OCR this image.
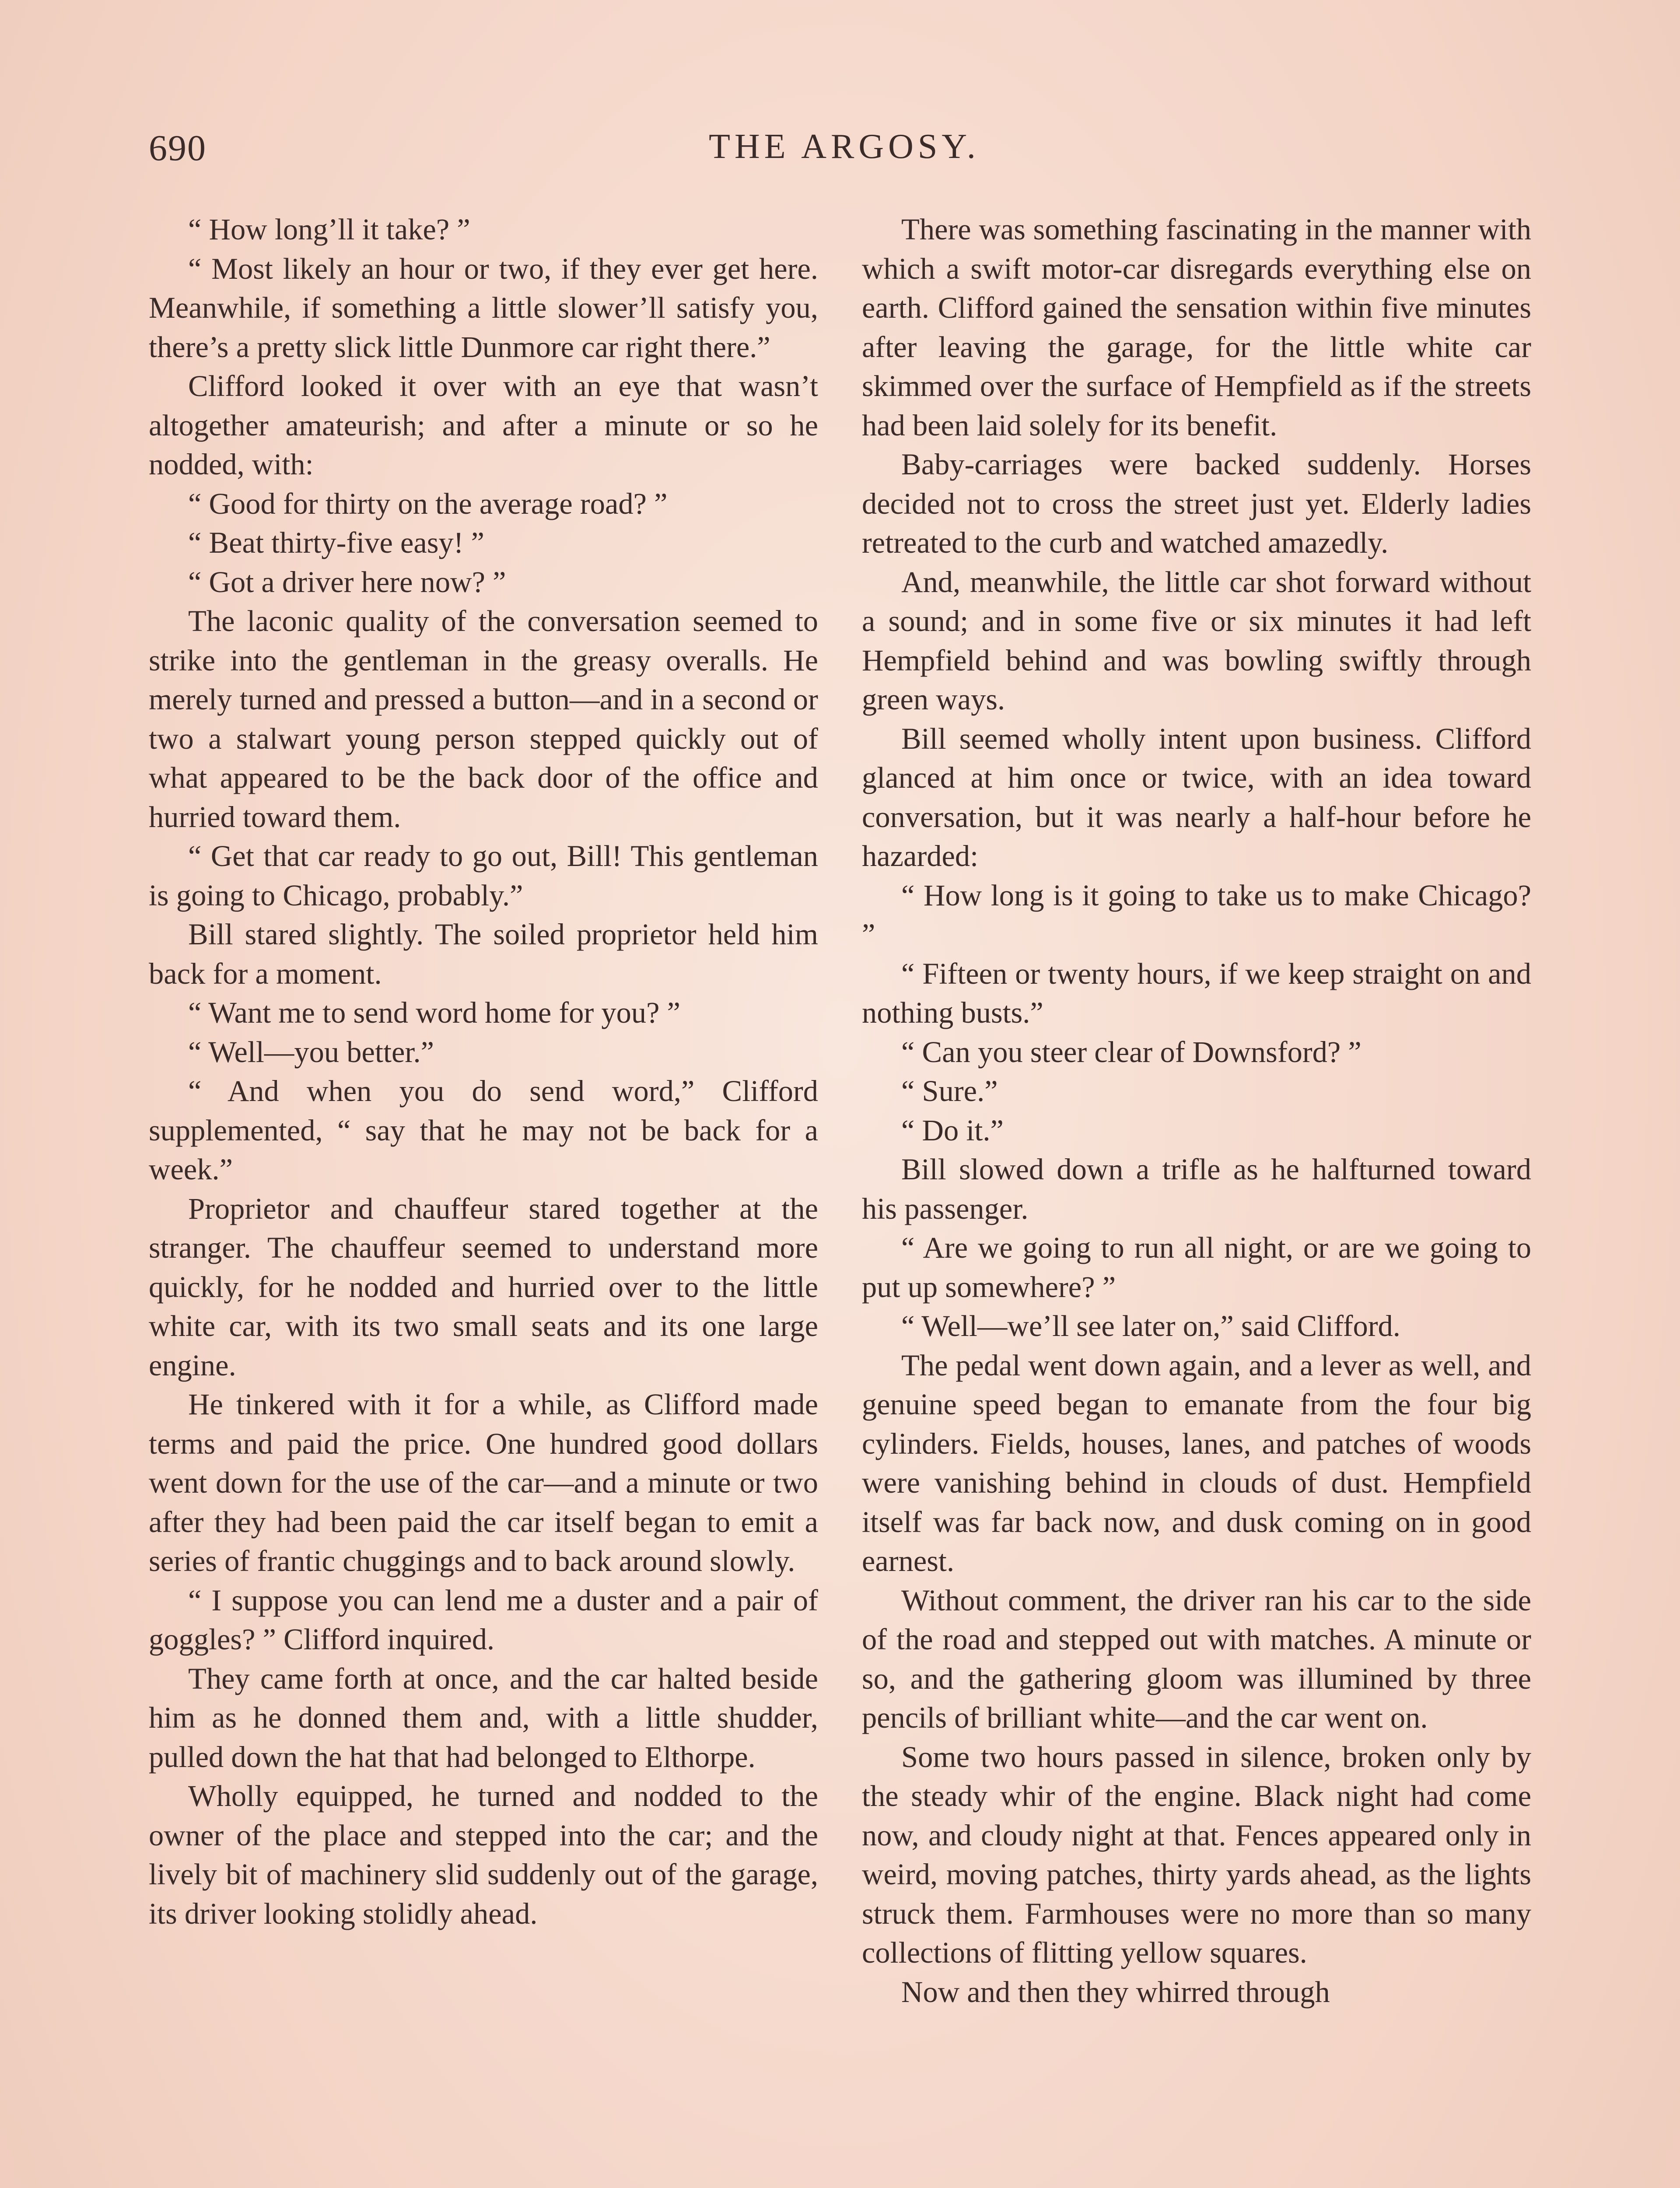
690	THE ARGOSY.

“ How long’ll it take? ”

“ Most likely an hour or two, if they ever get here. Meanwhile, if something a little slower’ll satisfy you, there’s a pretty slick little Dunmore car right there.”

Clifford looked it over with an eye that wasn’t altogether amateurish; and after a minute or so he nodded, with:

“ Good for thirty on the average road? ”

“ Beat thirty-five easy! ”

“ Got a driver here now? ”

The laconic quality of the conversation seemed to strike into the gentleman in the greasy overalls. He merely turned and pressed a button—and in a second or two a stalwart young person stepped quickly out of what appeared to be the back door of the office and hurried toward them.

“ Get that car ready to go out, Bill! This gentleman is going to Chicago, probably.”

Bill stared slightly. The soiled proprietor held him back for a moment.

“ Want me to send word home for you? ”

“ Well—you better.”

“ And when you do send word,” Clifford supplemented, “ say that he may not be back for a week.”

Proprietor and chauffeur stared together at the stranger. The chauffeur seemed to understand more quickly, for he nodded and hurried over to the little white car, with its two small seats and its one large engine.

He tinkered with it for a while, as Clifford made terms and paid the price. One hundred good dollars went down for the use of the car—and a minute or two after they had been paid the car itself began to emit a series of frantic chuggings and to back around slowly.

“ I suppose you can lend me a duster and a pair of goggles? ” Clifford inquired.

They came forth at once, and the car halted beside him as he donned them and, with a little shudder, pulled down the hat that had belonged to Elthorpe.

Wholly equipped, he turned and nodded to the owner of the place and stepped into the car; and the lively bit of machinery slid suddenly out of the garage, its driver looking stolidly ahead.

There was something fascinating in the manner with which a swift motor-car disregards everything else on earth. Clifford gained the sensation within five minutes after leaving the garage, for the little white car skimmed over the surface of Hempfield as if the streets had been laid solely for its benefit.

Baby-carriages were backed suddenly. Horses decided not to cross the street just yet. Elderly ladies retreated to the curb and watched amazedly.

And, meanwhile, the little car shot forward without a sound; and in some five or six minutes it had left Hempfield behind and was bowling swiftly through green ways.

Bill seemed wholly intent upon business. Clifford glanced at him once or twice, with an idea toward conversation, but it was nearly a half-hour before he hazarded:

“ How long is it going to take us to make Chicago? ”

“ Fifteen or twenty hours, if we keep straight on and nothing busts.”

“ Can you steer clear of Downsford? ”

“ Sure.”

“ Do it.”

Bill slowed down a trifle as he halfturned toward his passenger.

“ Are we going to run all night, or are we going to put up somewhere? ”

“ Well—we’ll see later on,” said Clifford.

The pedal went down again, and a lever as well, and genuine speed began to emanate from the four big cylinders. Fields, houses, lanes, and patches of woods were vanishing behind in clouds of dust. Hempfield itself was far back now, and dusk coming on in good earnest.

Without comment, the driver ran his car to the side of the road and stepped out with matches. A minute or so, and the gathering gloom was illumined by three pencils of brilliant white—and the car went on.

Some two hours passed in silence, broken only by the steady whir of the engine. Black night had come now, and cloudy night at that. Fences appeared only in weird, moving patches, thirty yards ahead, as the lights struck them. Farmhouses were no more than so many collections of flitting yellow squares.

Now and then they whirred through
